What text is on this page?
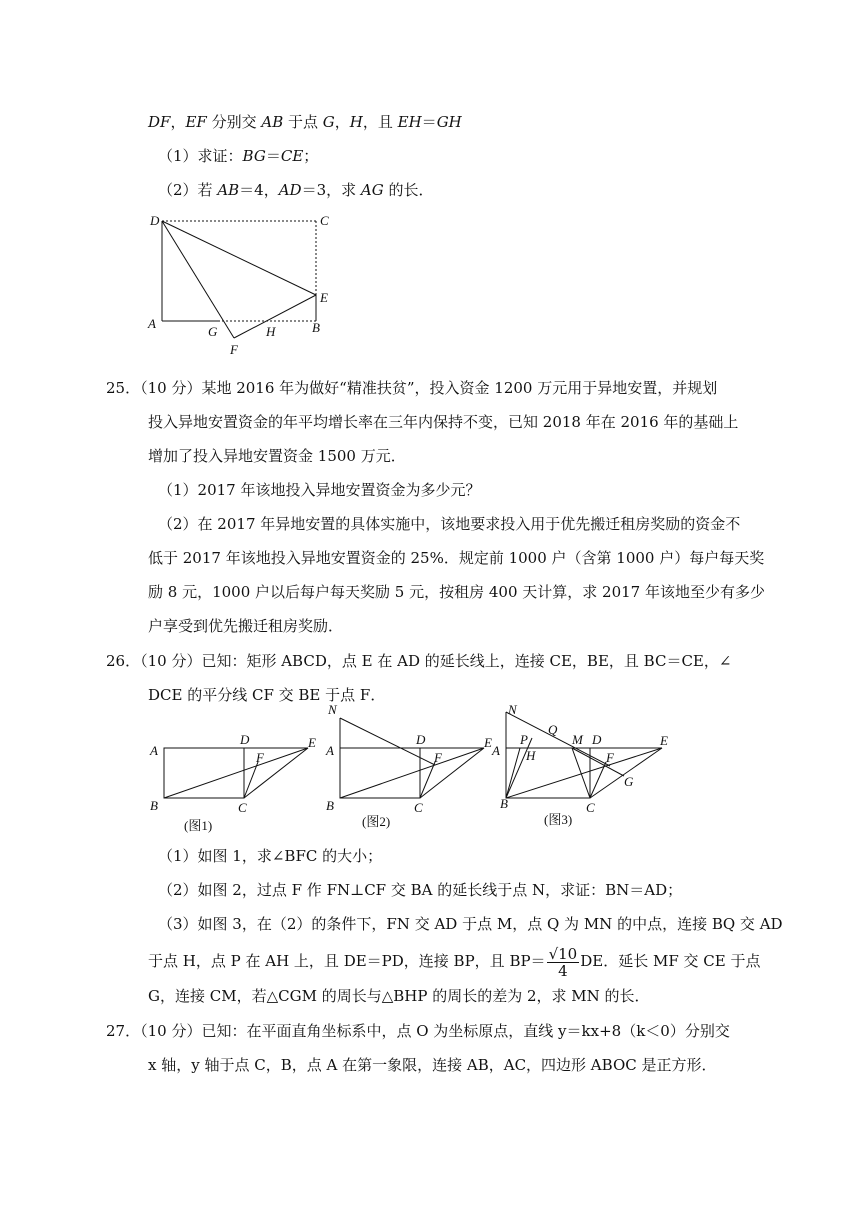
DF，EF 分别交 AB 于点 G，H，且 EH＝GH
（1）求证：BG＝CE；
（2）若 AB＝4，AD＝3，求 AG 的长．
D	C
E
A
G	H	B
F
25．（10 分）某地 2016 年为做好“精准扶贫”，投入资金 1200 万元用于异地安置，并规划
投入异地安置资金的年平均增长率在三年内保持不变，已知 2018 年在 2016 年的基础上
增加了投入异地安置资金 1500 万元．
（1）2017 年该地投入异地安置资金为多少元？
（2）在 2017 年异地安置的具体实施中，该地要求投入用于优先搬迁租房奖励的资金不
低于 2017 年该地投入异地安置资金的 25%．规定前 1000 户（含第 1000 户）每户每天奖
励 8 元，1000 户以后每户每天奖励 5 元，按租房 400 天计算，求 2017 年该地至少有多少
户享受到优先搬迁租房奖励．
26．（10 分）已知：矩形 ABCD，点 E 在 AD 的延长线上，连接 CE，BE，且 BC＝CE，∠
DCE 的平分线 CF 交 BE 于点 F．
A
B	C
D	E
F
(图1)
N
A
B	C
D	E
F
(图2)
N
Q
A
P
H
M D	E
F
G
B	C
(图3)
（1）如图 1，求∠BFC 的大小；
（2）如图 2，过点 F 作 FN⊥CF 交 BA 的延长线于点 N，求证：BN＝AD；
（3）如图 3，在（2）的条件下，FN 交 AD 于点 M，点 Q 为 MN 的中点，连接 BQ 交 AD
于点 H，点 P 在 AH 上，且 DE＝PD，连接 BP，且 $BP= \frac{√10}{4}$ DE．延长 MF 交 CE 于点
G，连接 CM，若△CGM 的周长与△BHP 的周长的差为 2，求 MN 的长．
27．（10 分）已知：在平面直角坐标系中，点 O 为坐标原点，直线 y＝kx+8（k＜0）分别交
x 轴，y 轴于点 C，B，点 A 在第一象限，连接 AB，AC，四边形 ABOC 是正方形．
